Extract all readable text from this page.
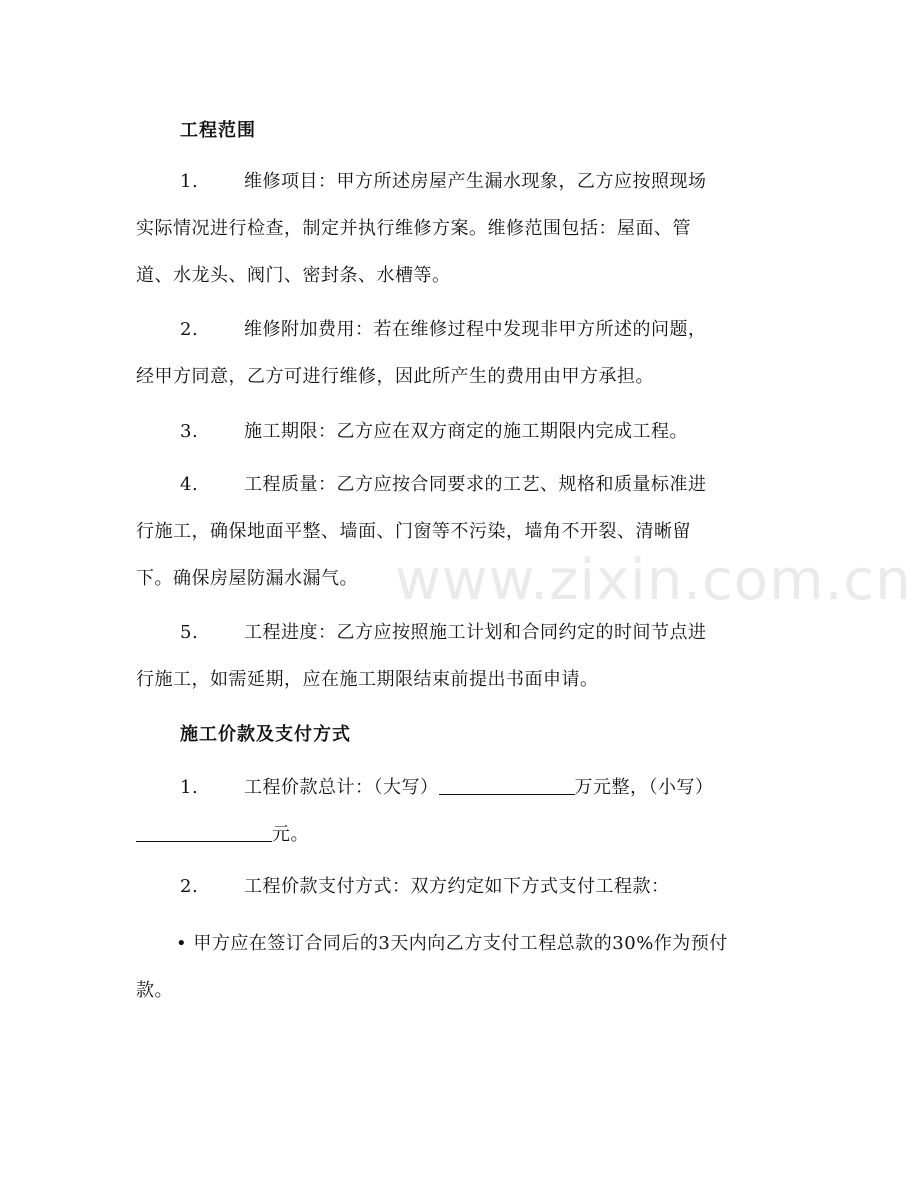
工程范围

1.	维修项目：甲方所述房屋产生漏水现象，乙方应按照现场

实际情况进行检查，制定并执行维修方案。维修范围包括：屋面、管

道、水龙头、阀门、密封条、水槽等。

2.	维修附加费用：若在维修过程中发现非甲方所述的问题，

经甲方同意，乙方可进行维修，因此所产生的费用由甲方承担。

3.	施工期限：乙方应在双方商定的施工期限内完成工程。

4.	工程质量：乙方应按合同要求的工艺、规格和质量标准进

行施工，确保地面平整、墙面、门窗等不污染，墙角不开裂、清晰留

下。确保房屋防漏水漏气。

5.	工程进度：乙方应按照施工计划和合同约定的时间节点进

行施工，如需延期，应在施工期限结束前提出书面申请。

施工价款及支付方式

1.	工程价款总计：（大写）	万元整，（小写）

元。

2.	工程价款支付方式：双方约定如下方式支付工程款：

• 甲方应在签订合同后的3天内向乙方支付工程总款的30%作为预付

款。

www.zixin.com.cn
